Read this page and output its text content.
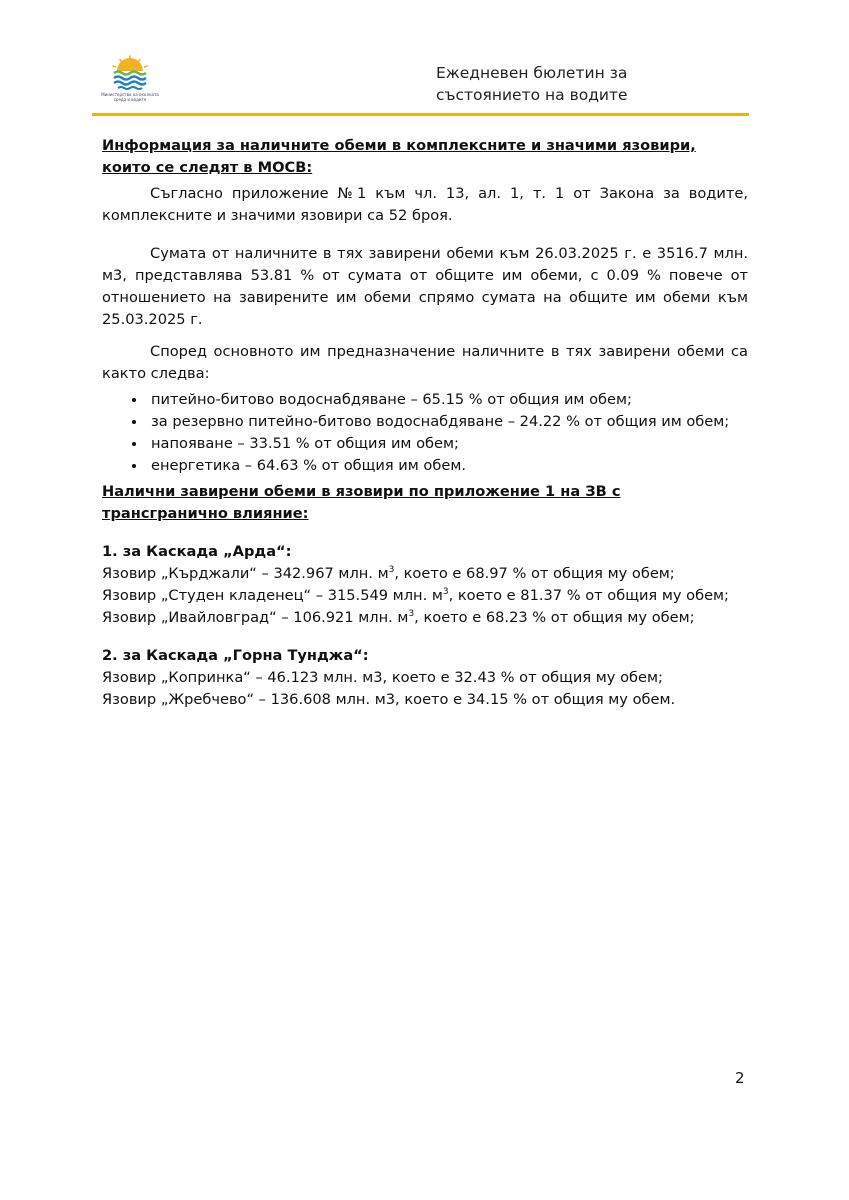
Министерство на околната среда и водите
Ежедневен бюлетин за
състоянието на водите

Информация за наличните обеми в комплексните и значими язовири, които се следят в МОСВ:

Съгласно приложение №1 към чл. 13, ал. 1, т. 1 от Закона за водите, комплексните и значими язовири са 52 броя.

Сумата от наличните в тях завирени обеми към 26.03.2025 г. е 3516.7 млн. м3, представлява 53.81 % от сумата от общите им обеми, с 0.09 % повече от отношението на завирените им обеми спрямо сумата на общите им обеми към 25.03.2025 г.

Според основното им предназначение наличните в тях завирени обеми са както следва:

• питейно-битово водоснабдяване – 65.15 % от общия им обем;
• за резервно питейно-битово водоснабдяване – 24.22 % от общия им обем;
• напояване – 33.51 % от общия им обем;
• енергетика – 64.63 % от общия им обем.

Налични завирени обеми в язовири по приложение 1 на ЗВ с трансгранично влияние:

1. за Каскада „Арда“:

Язовир „Кърджали“ – 342.967 млн. $м^3$, което е 68.97 % от общия му обем;

Язовир „Студен кладенец“ – 315.549 млн. $м^3$, което е 81.37 % от общия му обем;

Язовир „Ивайловград“ – 106.921 млн. $м^3$, което е 68.23 % от общия му обем;

2. за Каскада „Горна Тунджа“:

Язовир „Копринка“ – 46.123 млн. м3, което е 32.43 % от общия му обем;

Язовир „Жребчево“ – 136.608 млн. м3, което е 34.15 % от общия му обем.

2
